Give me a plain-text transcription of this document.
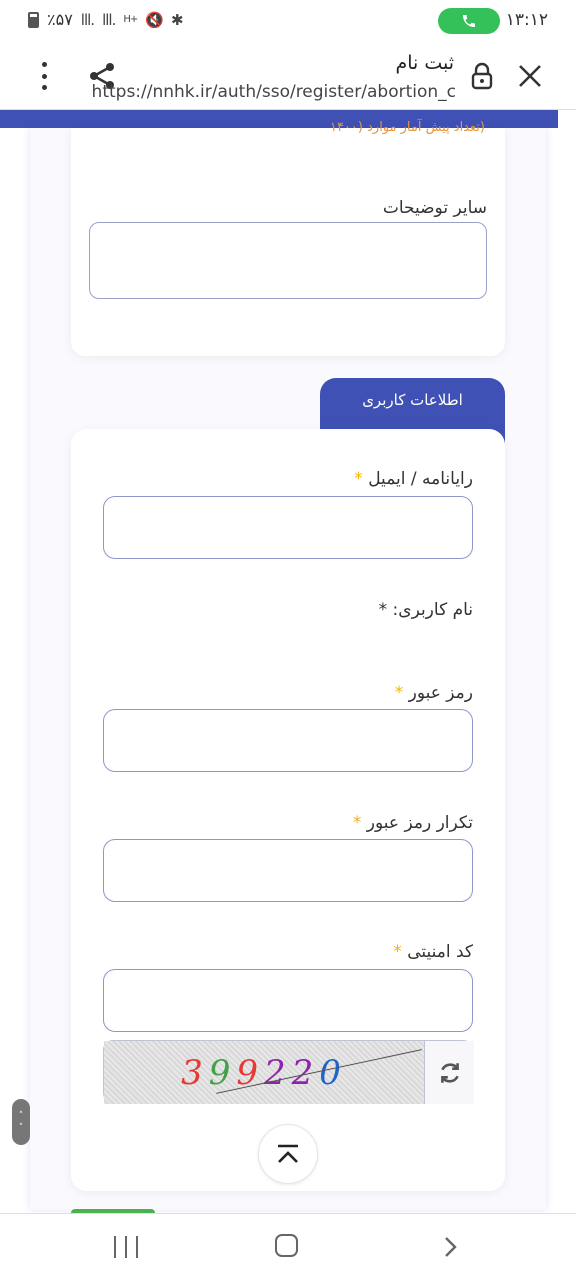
٪۵۷ lll. lll. H+ 🔇 ✱	۱۳:۱۲
ثبت نام
https://nnhk.ir/auth/sso/register/abortion_c
(تعداد پیش آمار موارد (۱۴۰۰
سایر توضیحات
اطلاعات کاربری
رایانامه / ایمیل *
نام کاربری: *
رمز عبور *
تکرار رمز عبور *
کد امنیتی *
399220
˄
˅
